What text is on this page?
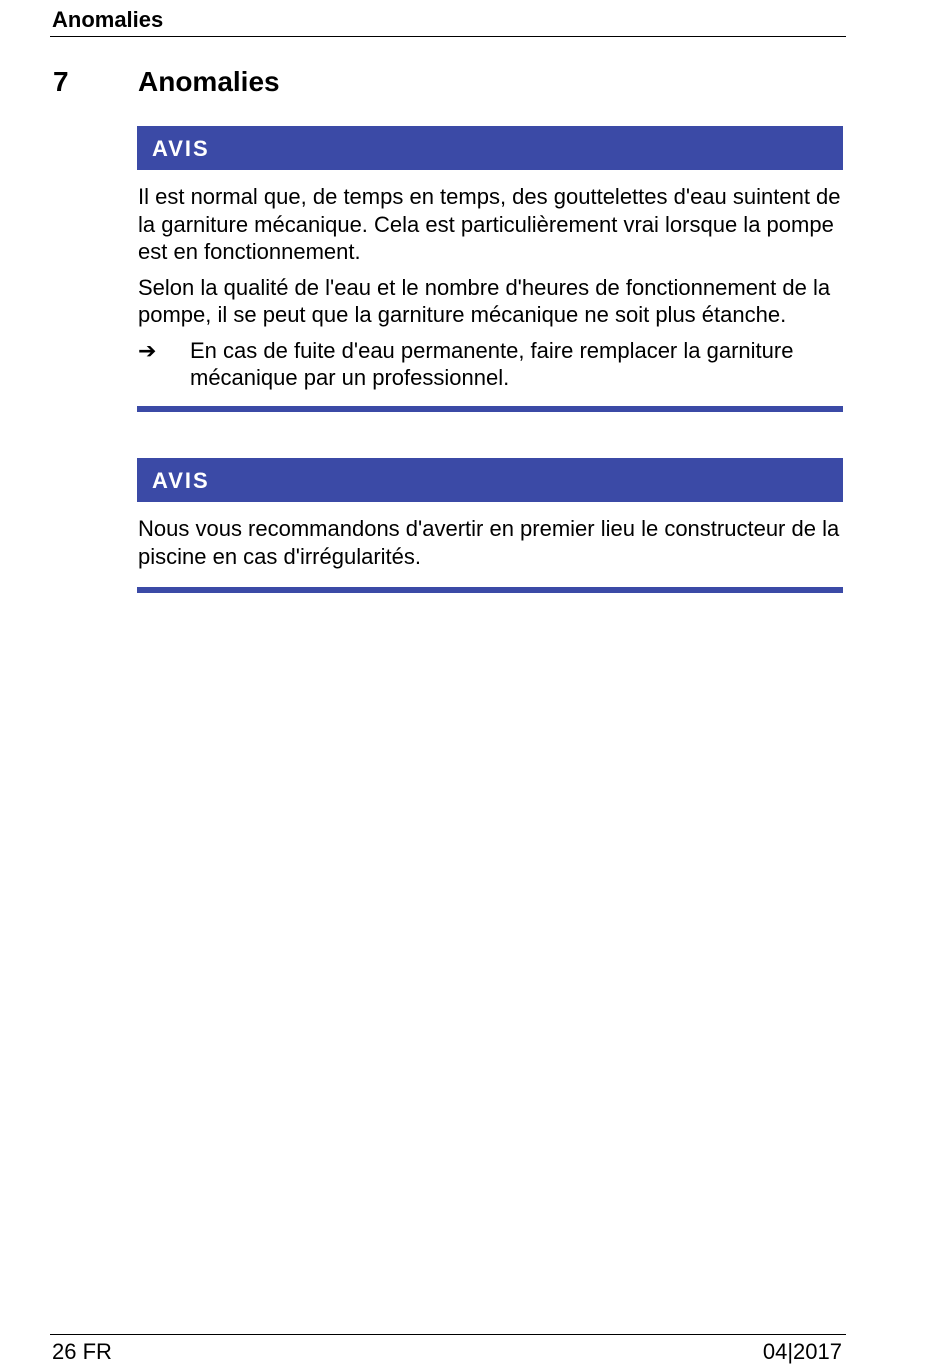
Anomalies
7 Anomalies
AVIS

Il est normal que, de temps en temps, des gouttelettes d'eau suintent de la garniture mécanique. Cela est particulièrement vrai lorsque la pompe est en fonctionnement.

Selon la qualité de l'eau et le nombre d'heures de fonctionnement de la pompe, il se peut que la garniture mécanique ne soit plus étanche.

➔	En cas de fuite d'eau permanente, faire remplacer la garniture mécanique par un professionnel.
AVIS

Nous vous recommandons d'avertir en premier lieu le constructeur de la piscine en cas d'irrégularités.

26 FR	04|2017
